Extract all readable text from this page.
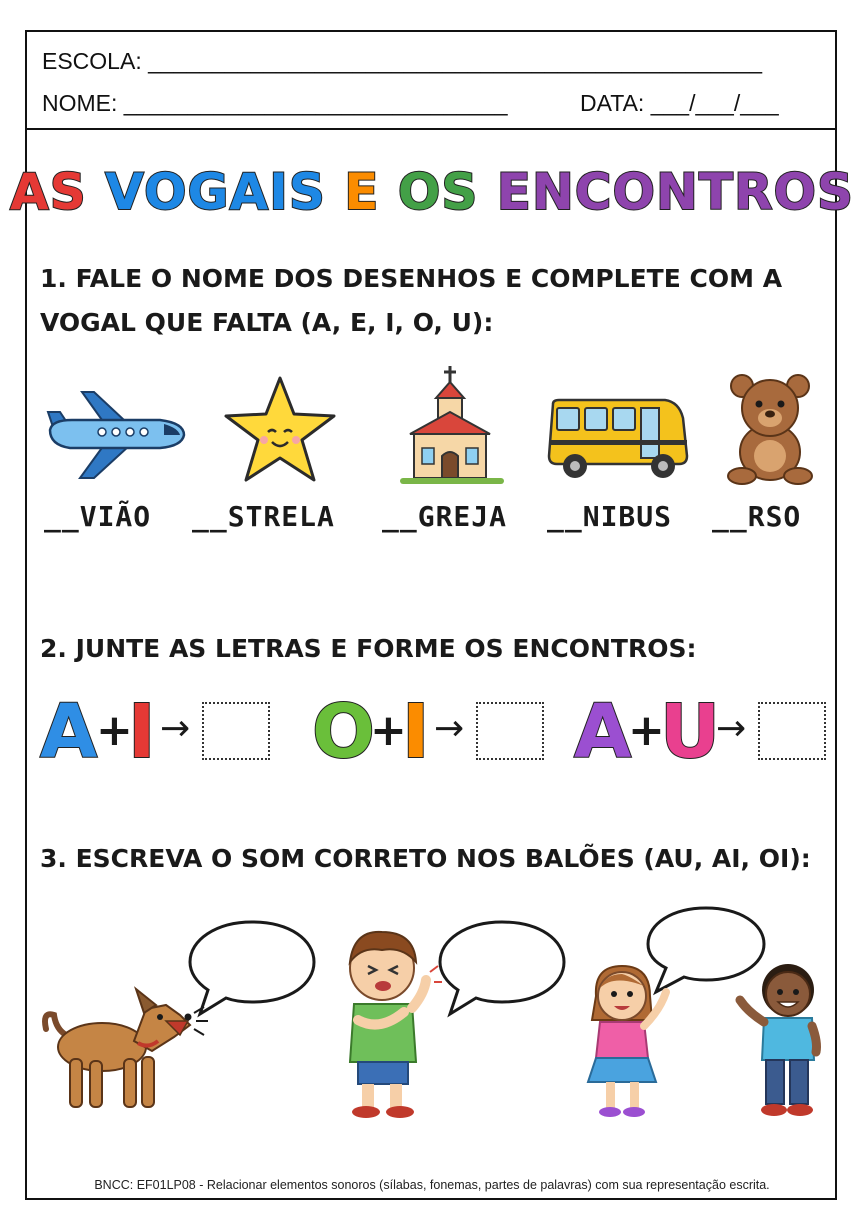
ESCOLA: ________________________________________________
NOME: ______________________________	DATA: ___/___/___
AS VOGAIS E OS ENCONTROS
1. FALE O NOME DOS DESENHOS E COMPLETE COM A
VOGAL QUE FALTA (A, E, I, O, U):
__VIÃO __STRELA __GREJA __NIBUS __RSO
2. JUNTE AS LETRAS E FORME OS ENCONTROS:
A
+
I → O
+
I → A
+
U
→
3. ESCREVA O SOM CORRETO NOS BALÕES (AU, AI, OI):
BNCC: EF01LP08 - Relacionar elementos sonoros (sílabas, fonemas, partes de palavras) com sua representação escrita.
